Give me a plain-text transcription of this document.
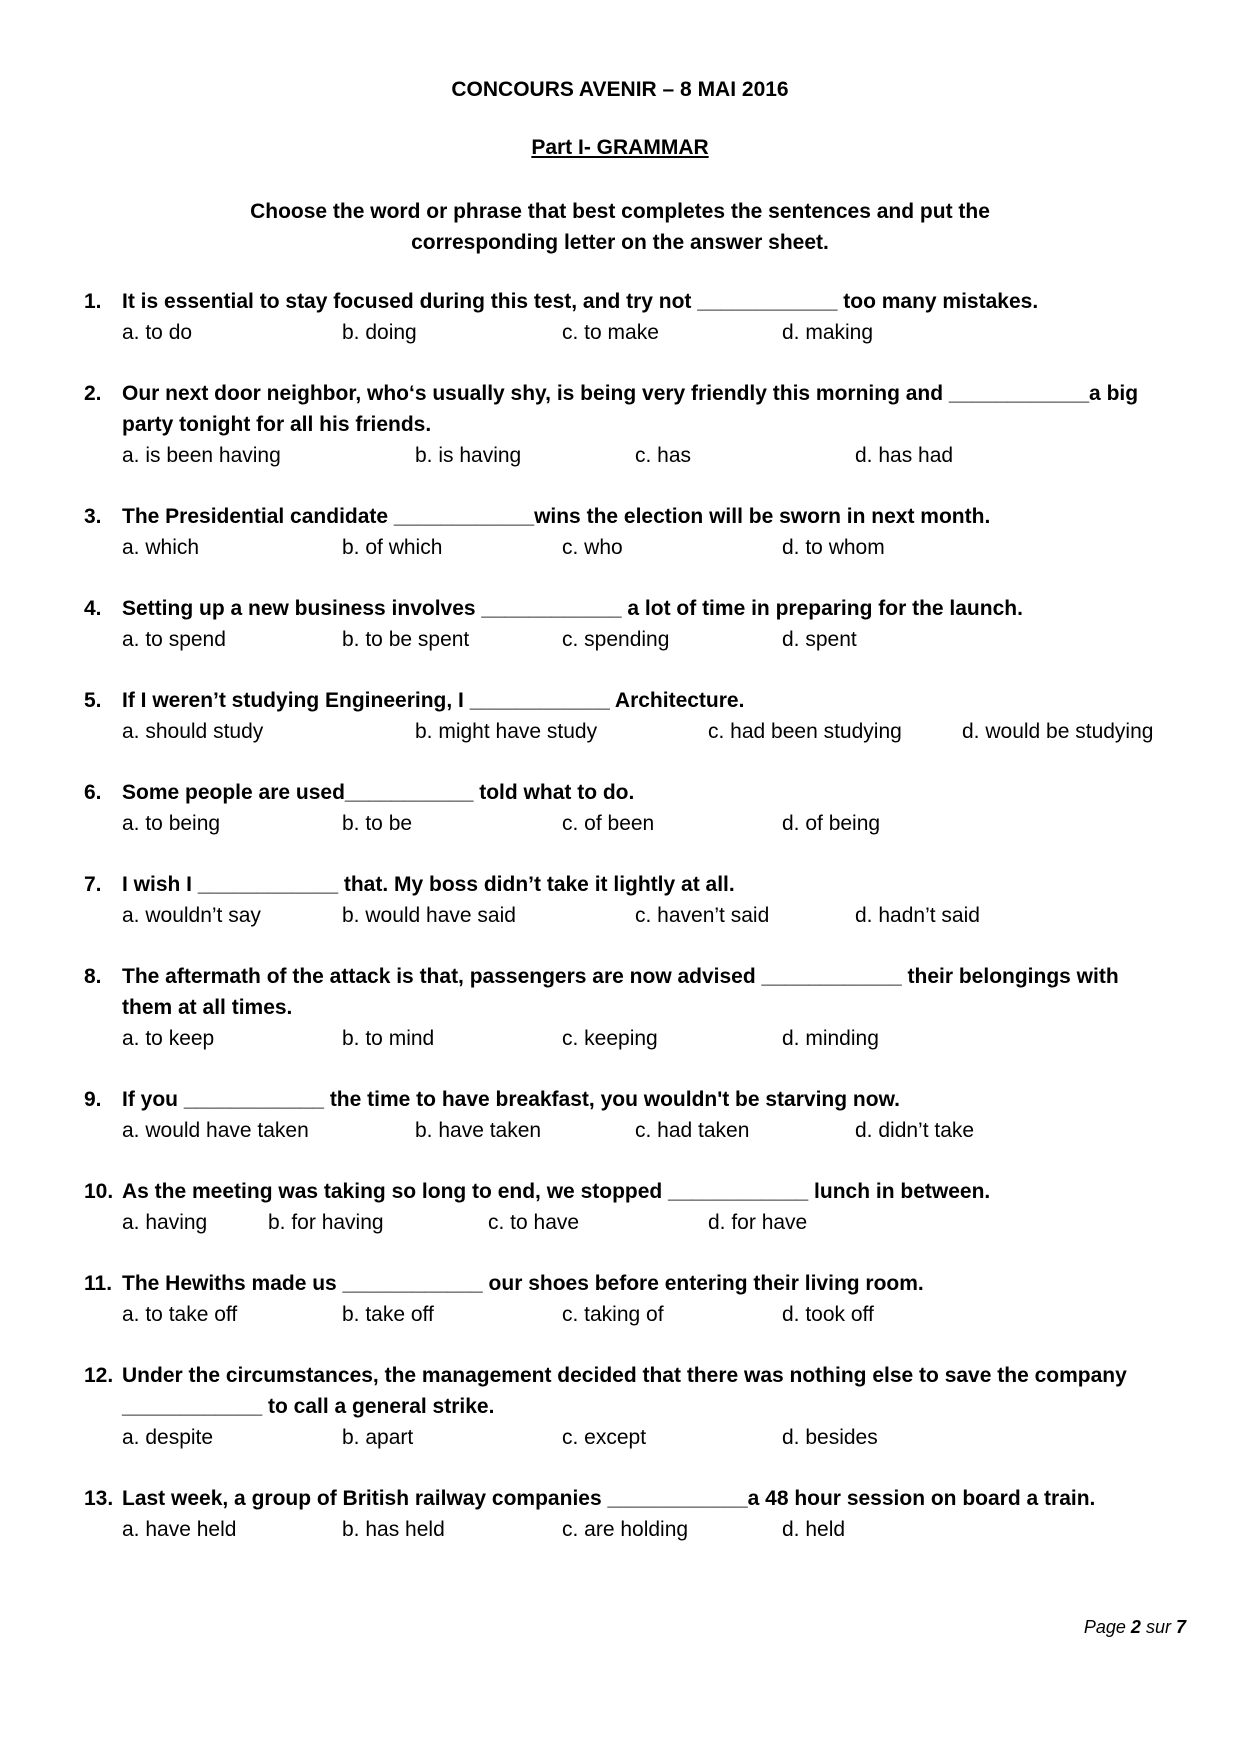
CONCOURS AVENIR – 8 MAI 2016
Part I- GRAMMAR
Choose the word or phrase that best completes the sentences and put the
corresponding letter on the answer sheet.
1. It is essential to stay focused during this test, and try not ____________ too many mistakes.
a. to do	b. doing	c. to make	d. making
2. Our next door neighbor, who‘s usually shy, is being very friendly this morning and ____________a big party tonight for all his friends.
a. is been having	b. is having	c. has	d. has had
3. The Presidential candidate ____________wins the election will be sworn in next month.
a. which	b. of which	c. who	d. to whom
4. Setting up a new business involves ____________ a lot of time in preparing for the launch.
a. to spend	b. to be spent	c. spending	d. spent
5. If I weren’t studying Engineering, I ____________ Architecture.
a. should study	b. might have study	c. had been studying	d. would be studying
6. Some people are used___________ told what to do.
a. to being	b. to be	c. of been	d. of being
7. I wish I ____________ that. My boss didn’t take it lightly at all.
a. wouldn’t say	b. would have said	c. haven’t said	d. hadn’t said
8. The aftermath of the attack is that, passengers are now advised ____________ their belongings with them at all times.
a. to keep	b. to mind	c. keeping	d. minding
9. If you ____________ the time to have breakfast, you wouldn't be starving now.
a. would have taken	b. have taken	c. had taken	d. didn’t take
10. As the meeting was taking so long to end, we stopped ____________ lunch in between.
a. having	b. for having	c. to have	d. for have
11. The Hewiths made us ____________ our shoes before entering their living room.
a. to take off	b. take off	c. taking of	d. took off
12. Under the circumstances, the management decided that there was nothing else to save the company ____________ to call a general strike.
a. despite	b. apart	c. except	d. besides
13. Last week, a group of British railway companies ____________a 48 hour session on board a train.
a. have held	b. has held	c. are holding	d. held
Page 2 sur 7
